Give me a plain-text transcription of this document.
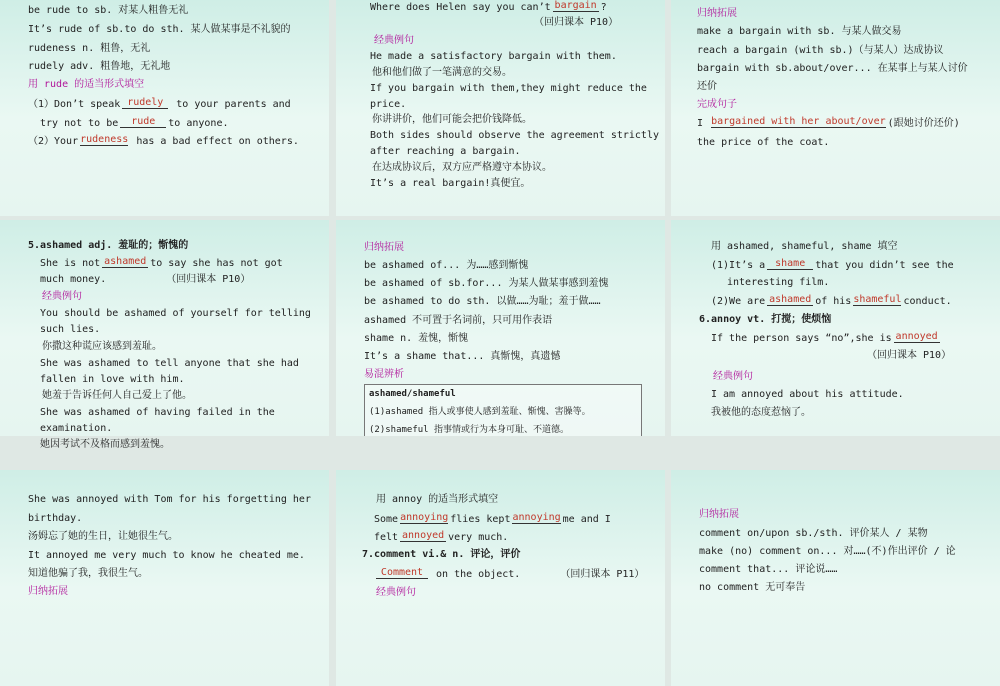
be rude to sb. 对某人粗鲁无礼
It’s rude of sb.to do sth. 某人做某事是不礼貌的
rudeness n. 粗鲁，无礼
rudely adv. 粗鲁地，无礼地
用 rude 的适当形式填空
（1）Don’t speak rudely to your parents and
try not to be rude to anyone.
（2）Your rudeness has a bad effect on others.
Where does Helen say you can’t bargain ?
（回归课本 P10）
经典例句
He made a satisfactory bargain with them.
他和他们做了一笔满意的交易。
If you bargain with them,they might reduce the
price.
你讲讲价，他们可能会把价钱降低。
Both sides should observe the agreement strictly
after reaching a bargain.
在达成协议后，双方应严格遵守本协议。
It’s a real bargain!真便宜。
归纳拓展
make a bargain with sb. 与某人做交易
reach a bargain (with sb.)（与某人）达成协议
bargain with sb.about/over... 在某事上与某人讨价
还价
完成句子
I bargained with her about/over (跟她讨价还价)
the price of the coat.
5.ashamed adj. 羞耻的；惭愧的
She is not ashamed to say she has not got
much money.	（回归课本 P10）
经典例句
You should be ashamed of yourself for telling
such lies.
你撒这种谎应该感到羞耻。
She was ashamed to tell anyone that she had
fallen in love with him.
她羞于告诉任何人自己爱上了他。
She was ashamed of having failed in the
examination.
她因考试不及格而感到羞愧。
归纳拓展
be ashamed of... 为……感到惭愧
be ashamed of sb.for... 为某人做某事感到羞愧
be ashamed to do sth. 以做……为耻；羞于做……
ashamed 不可置于名词前，只可用作表语
shame n. 羞愧，惭愧
It’s a shame that... 真惭愧，真遗憾
易混辨析
ashamed/shameful
(1)ashamed 指人或事使人感到羞耻、惭愧、害臊等。
(2)shameful 指事情或行为本身可耻、不道德。
用 ashamed, shameful, shame 填空
(1)It’s a shame that you didn’t see the
interesting film.
(2)We are ashamed of his shameful conduct.
6.annoy vt. 打搅；使烦恼
If the person says “no”,she is annoyed
（回归课本 P10）
经典例句
I am annoyed about his attitude.
我被他的态度惹恼了。
She was annoyed with Tom for his forgetting her
birthday.
汤姆忘了她的生日，让她很生气。
It annoyed me very much to know he cheated me.
知道他骗了我，我很生气。
归纳拓展
用 annoy 的适当形式填空
Some annoying flies kept annoying me and I
felt annoyed very much.
7.comment vi.& n. 评论，评价
Comment on the object.	（回归课本 P11）
经典例句
归纳拓展
comment on/upon sb./sth. 评价某人 / 某物
make (no) comment on... 对……(不)作出评价 / 论
comment that... 评论说……
no comment 无可奉告
